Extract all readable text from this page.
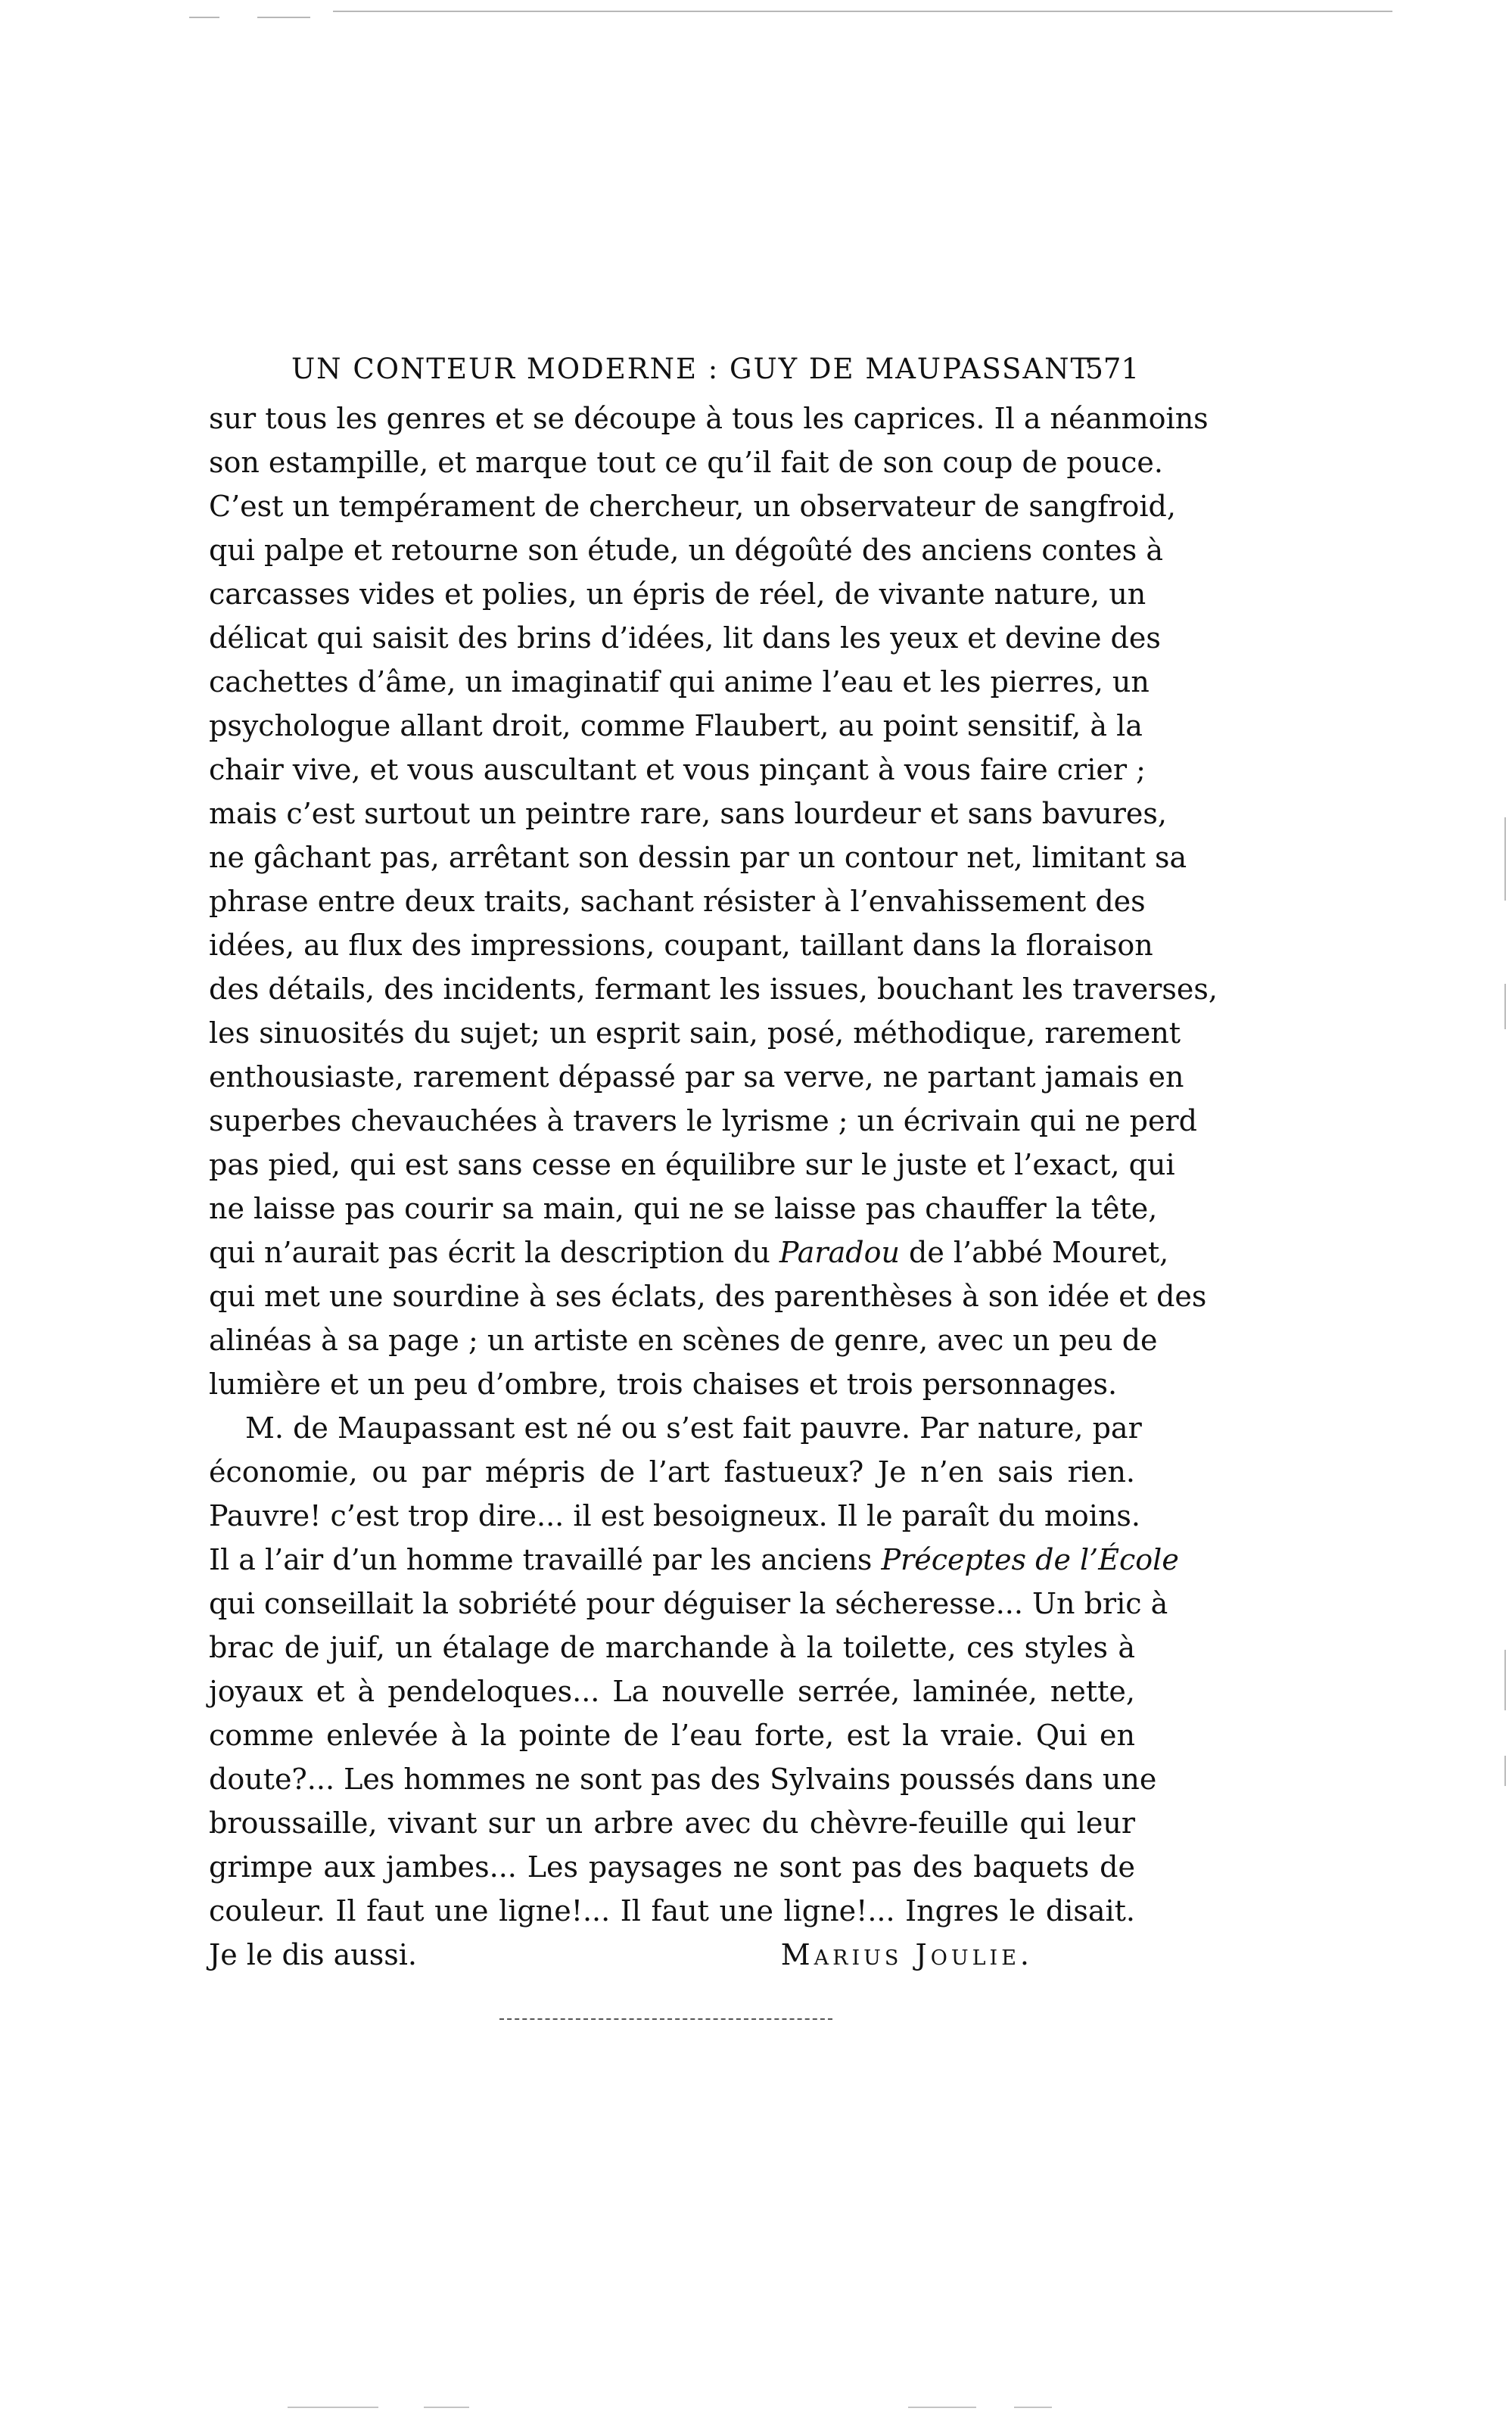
UN CONTEUR MODERNE : GUY DE MAUPASSANT
571
sur tous les genres et se découpe à tous les caprices. Il a néanmoins
son estampille, et marque tout ce qu’il fait de son coup de pouce.
C’est un tempérament de chercheur, un observateur de sangfroid,
qui palpe et retourne son étude, un dégoûté des anciens contes à
carcasses vides et polies, un épris de réel, de vivante nature, un
délicat qui saisit des brins d’idées, lit dans les yeux et devine des
cachettes d’âme, un imaginatif qui anime l’eau et les pierres, un
psychologue allant droit, comme Flaubert, au point sensitif, à la
chair vive, et vous auscultant et vous pinçant à vous faire crier ;
mais c’est surtout un peintre rare, sans lourdeur et sans bavures,
ne gâchant pas, arrêtant son dessin par un contour net, limitant sa
phrase entre deux traits, sachant résister à l’envahissement des
idées, au flux des impressions, coupant, taillant dans la floraison
des détails, des incidents, fermant les issues, bouchant les traverses,
les sinuosités du sujet; un esprit sain, posé, méthodique, rarement
enthousiaste, rarement dépassé par sa verve, ne partant jamais en
superbes chevauchées à travers le lyrisme ; un écrivain qui ne perd
pas pied, qui est sans cesse en équilibre sur le juste et l’exact, qui
ne laisse pas courir sa main, qui ne se laisse pas chauffer la tête,
qui n’aurait pas écrit la description du Paradou de l’abbé Mouret,
qui met une sourdine à ses éclats, des parenthèses à son idée et des
alinéas à sa page ; un artiste en scènes de genre, avec un peu de
lumière et un peu d’ombre, trois chaises et trois personnages.
M. de Maupassant est né ou s’est fait pauvre. Par nature, par
économie, ou par mépris de l’art fastueux? Je n’en sais rien.
Pauvre! c’est trop dire... il est besoigneux. Il le paraît du moins.
Il a l’air d’un homme travaillé par les anciens Préceptes de l’École
qui conseillait la sobriété pour déguiser la sécheresse... Un bric à
brac de juif, un étalage de marchande à la toilette, ces styles à
joyaux et à pendeloques... La nouvelle serrée, laminée, nette,
comme enlevée à la pointe de l’eau forte, est la vraie. Qui en
doute?... Les hommes ne sont pas des Sylvains poussés dans une
broussaille, vivant sur un arbre avec du chèvre-feuille qui leur
grimpe aux jambes... Les paysages ne sont pas des baquets de
couleur. Il faut une ligne!... Il faut une ligne!... Ingres le disait.
Je le dis aussi.	Marius Joulie.
